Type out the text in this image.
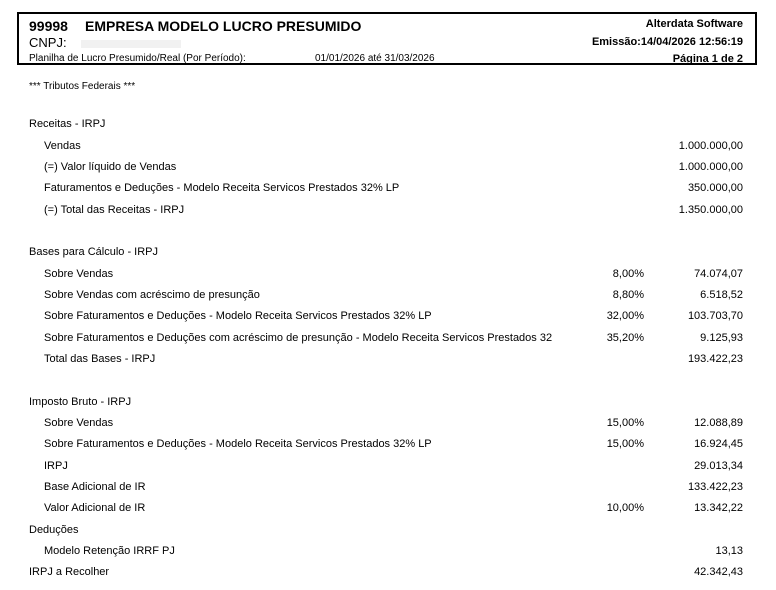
99998 EMPRESA MODELO LUCRO PRESUMIDO
CNPJ:
Planilha de Lucro Presumido/Real (Por Período):	01/01/2026 até 31/03/2026
Alterdata Software
Emissão:14/04/2026 12:56:19
Página 1 de 2
*** Tributos Federais ***
Receitas - IRPJ
Vendas	1.000.000,00
(=) Valor líquido de Vendas	1.000.000,00
Faturamentos e Deduções - Modelo Receita Servicos Prestados 32% LP	350.000,00
(=) Total das Receitas - IRPJ	1.350.000,00
Bases para Cálculo - IRPJ
Sobre Vendas	8,00%	74.074,07
Sobre Vendas com acréscimo de presunção	8,80%	6.518,52
Sobre Faturamentos e Deduções - Modelo Receita Servicos Prestados 32% LP	32,00%	103.703,70
Sobre Faturamentos e Deduções com acréscimo de presunção - Modelo Receita Servicos Prestados 32	35,20%	9.125,93
Total das Bases - IRPJ	193.422,23
Imposto Bruto - IRPJ
Sobre Vendas	15,00%	12.088,89
Sobre Faturamentos e Deduções - Modelo Receita Servicos Prestados 32% LP	15,00%	16.924,45
IRPJ	29.013,34
Base Adicional de IR	133.422,23
Valor Adicional de IR	10,00%	13.342,22
Deduções
Modelo Retenção IRRF PJ	13,13
IRPJ a Recolher	42.342,43
